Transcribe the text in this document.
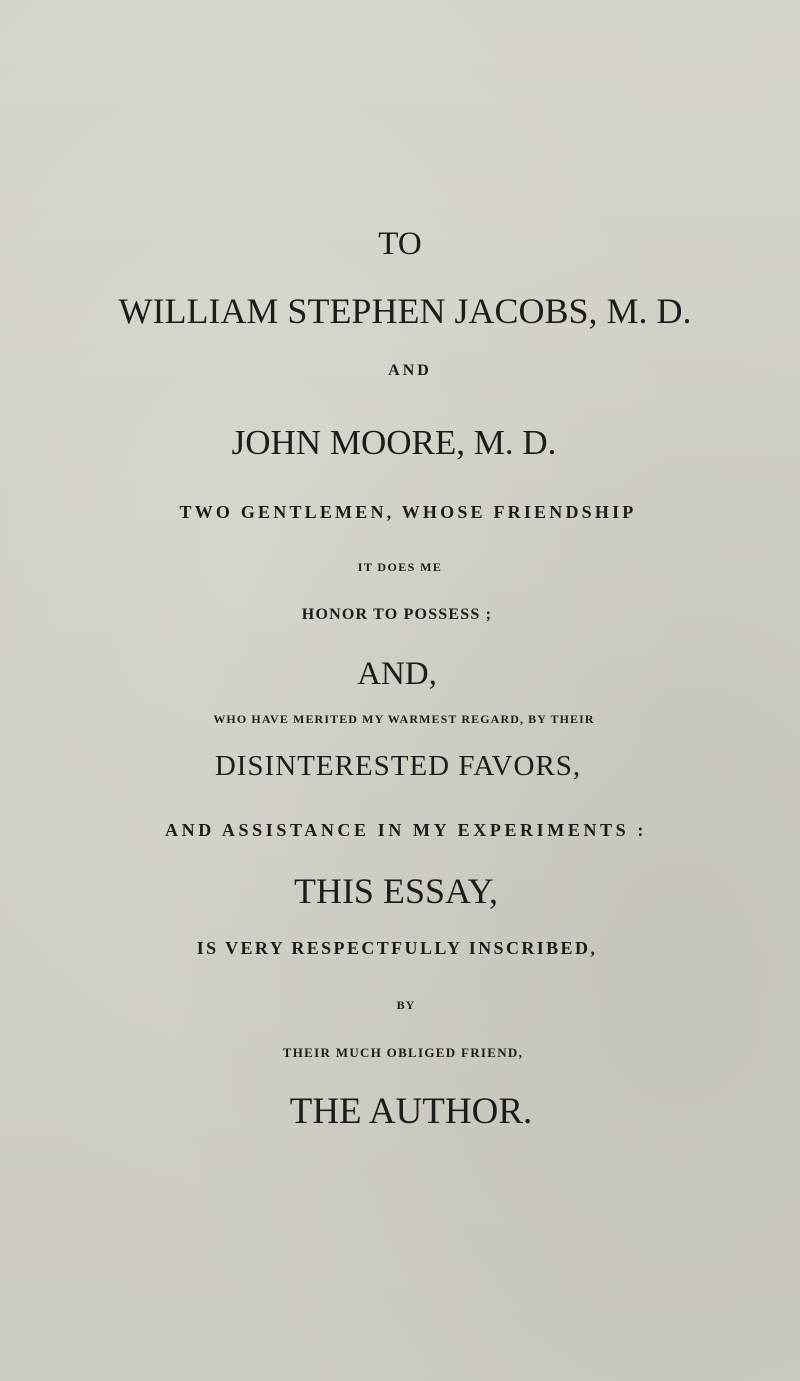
TO

WILLIAM STEPHEN JACOBS, M. D.

AND

JOHN MOORE, M. D.

TWO GENTLEMEN, WHOSE FRIENDSHIP

IT DOES ME

HONOR TO POSSESS ;

AND,

WHO HAVE MERITED MY WARMEST REGARD, BY THEIR

DISINTERESTED FAVORS,

AND ASSISTANCE IN MY EXPERIMENTS :

THIS ESSAY,

IS VERY RESPECTFULLY INSCRIBED,

BY

THEIR MUCH OBLIGED FRIEND,

THE AUTHOR.
